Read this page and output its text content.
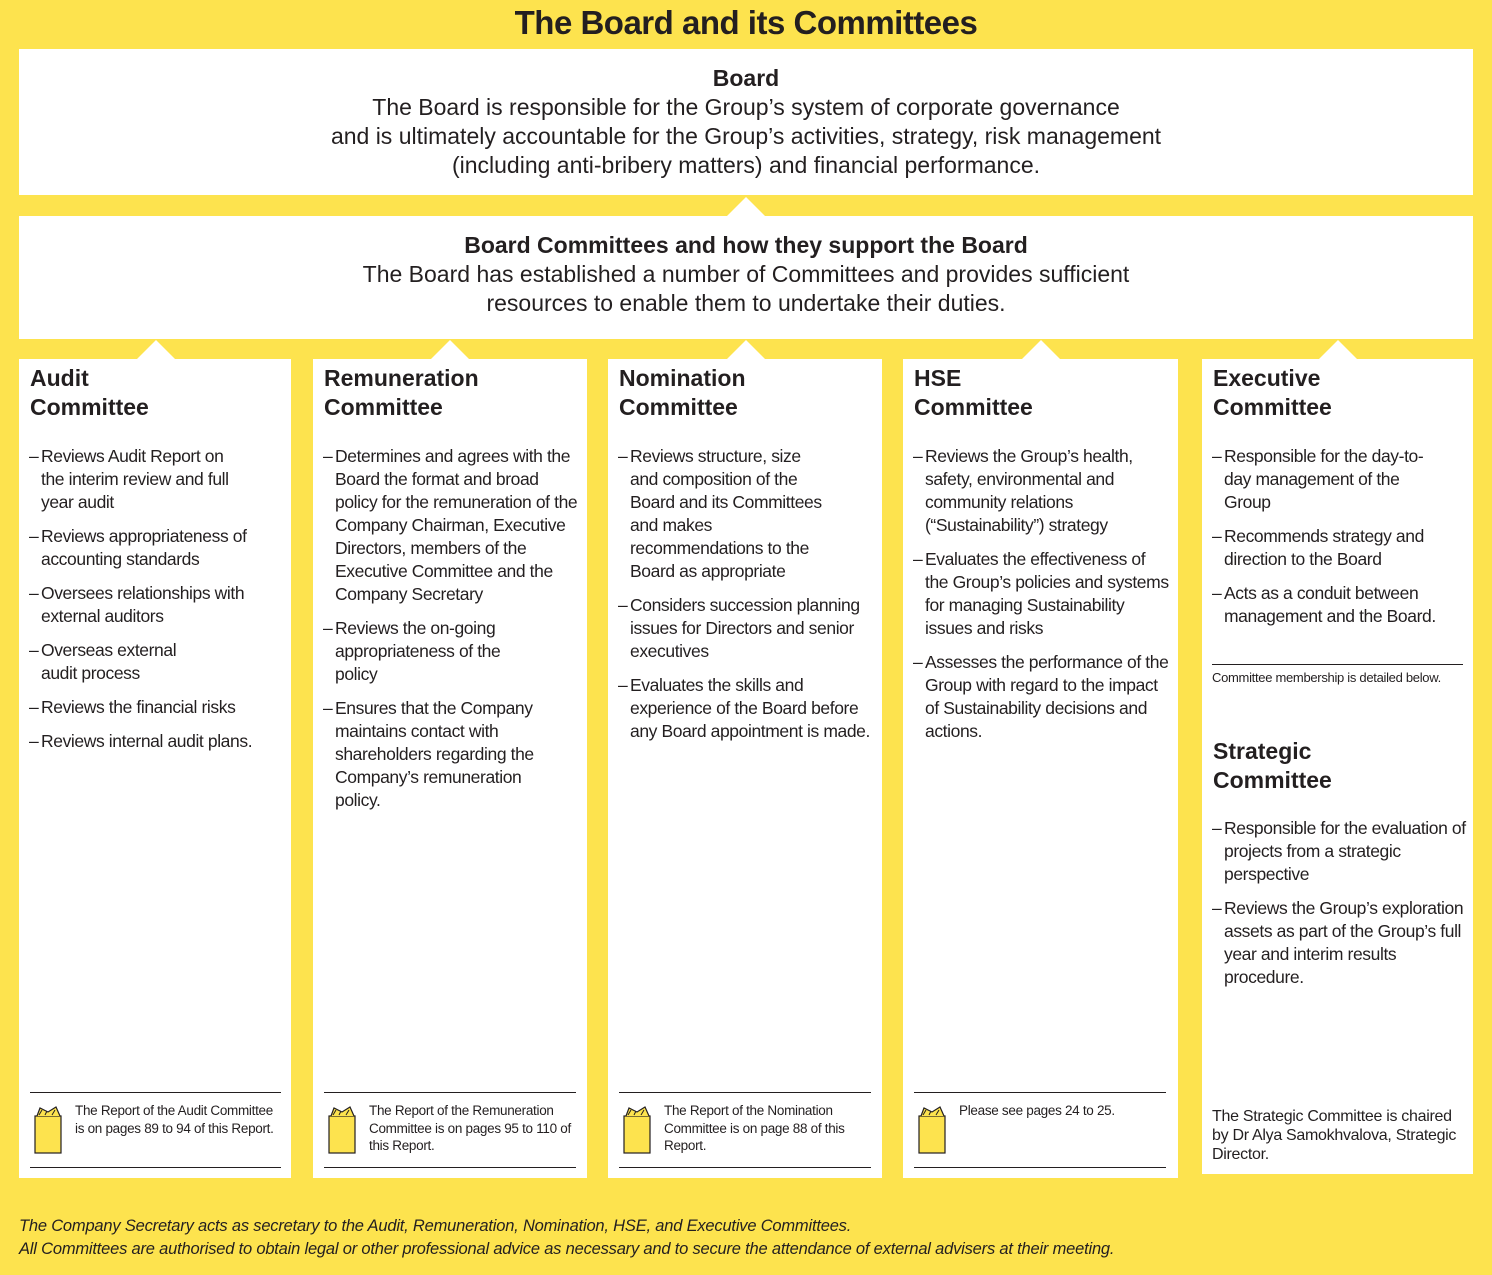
The Board and its Committees
Board
The Board is responsible for the Group’s system of corporate governance
and is ultimately accountable for the Group’s activities, strategy, risk management
(including anti-bribery matters) and financial performance.
Board Committees and how they support the Board
The Board has established a number of Committees and provides sufficient
resources to enable them to undertake their duties.
Audit
Committee
– Reviews Audit Report on the interim review and full year audit
– Reviews appropriateness of accounting standards
– Oversees relationships with external auditors
– Overseas external audit process
– Reviews the financial risks
– Reviews internal audit plans.
The Report of the Audit Committee is on pages 89 to 94 of this Report.
Remuneration
Committee
– Determines and agrees with the Board the format and broad policy for the remuneration of the Company Chairman, Executive Directors, members of the Executive Committee and the Company Secretary
– Reviews the on-going appropriateness of the policy
– Ensures that the Company maintains contact with shareholders regarding the Company’s remuneration policy.
The Report of the Remuneration Committee is on pages 95 to 110 of this Report.
Nomination
Committee
– Reviews structure, size and composition of the Board and its Committees and makes recommendations to the Board as appropriate
– Considers succession planning issues for Directors and senior executives
– Evaluates the skills and experience of the Board before any Board appointment is made.
The Report of the Nomination Committee is on page 88 of this Report.
HSE
Committee
– Reviews the Group’s health, safety, environmental and community relations (“Sustainability”) strategy
– Evaluates the effectiveness of the Group’s policies and systems for managing Sustainability issues and risks
– Assesses the performance of the Group with regard to the impact of Sustainability decisions and actions.
Please see pages 24 to 25.
Executive
Committee
– Responsible for the day-to-day management of the Group
– Recommends strategy and direction to the Board
– Acts as a conduit between management and the Board.
Committee membership is detailed below.
Strategic
Committee
– Responsible for the evaluation of projects from a strategic perspective
– Reviews the Group’s exploration assets as part of the Group’s full year and interim results procedure.
The Strategic Committee is chaired by Dr Alya Samokhvalova, Strategic Director.
The Company Secretary acts as secretary to the Audit, Remuneration, Nomination, HSE, and Executive Committees.
All Committees are authorised to obtain legal or other professional advice as necessary and to secure the attendance of external advisers at their meeting.
